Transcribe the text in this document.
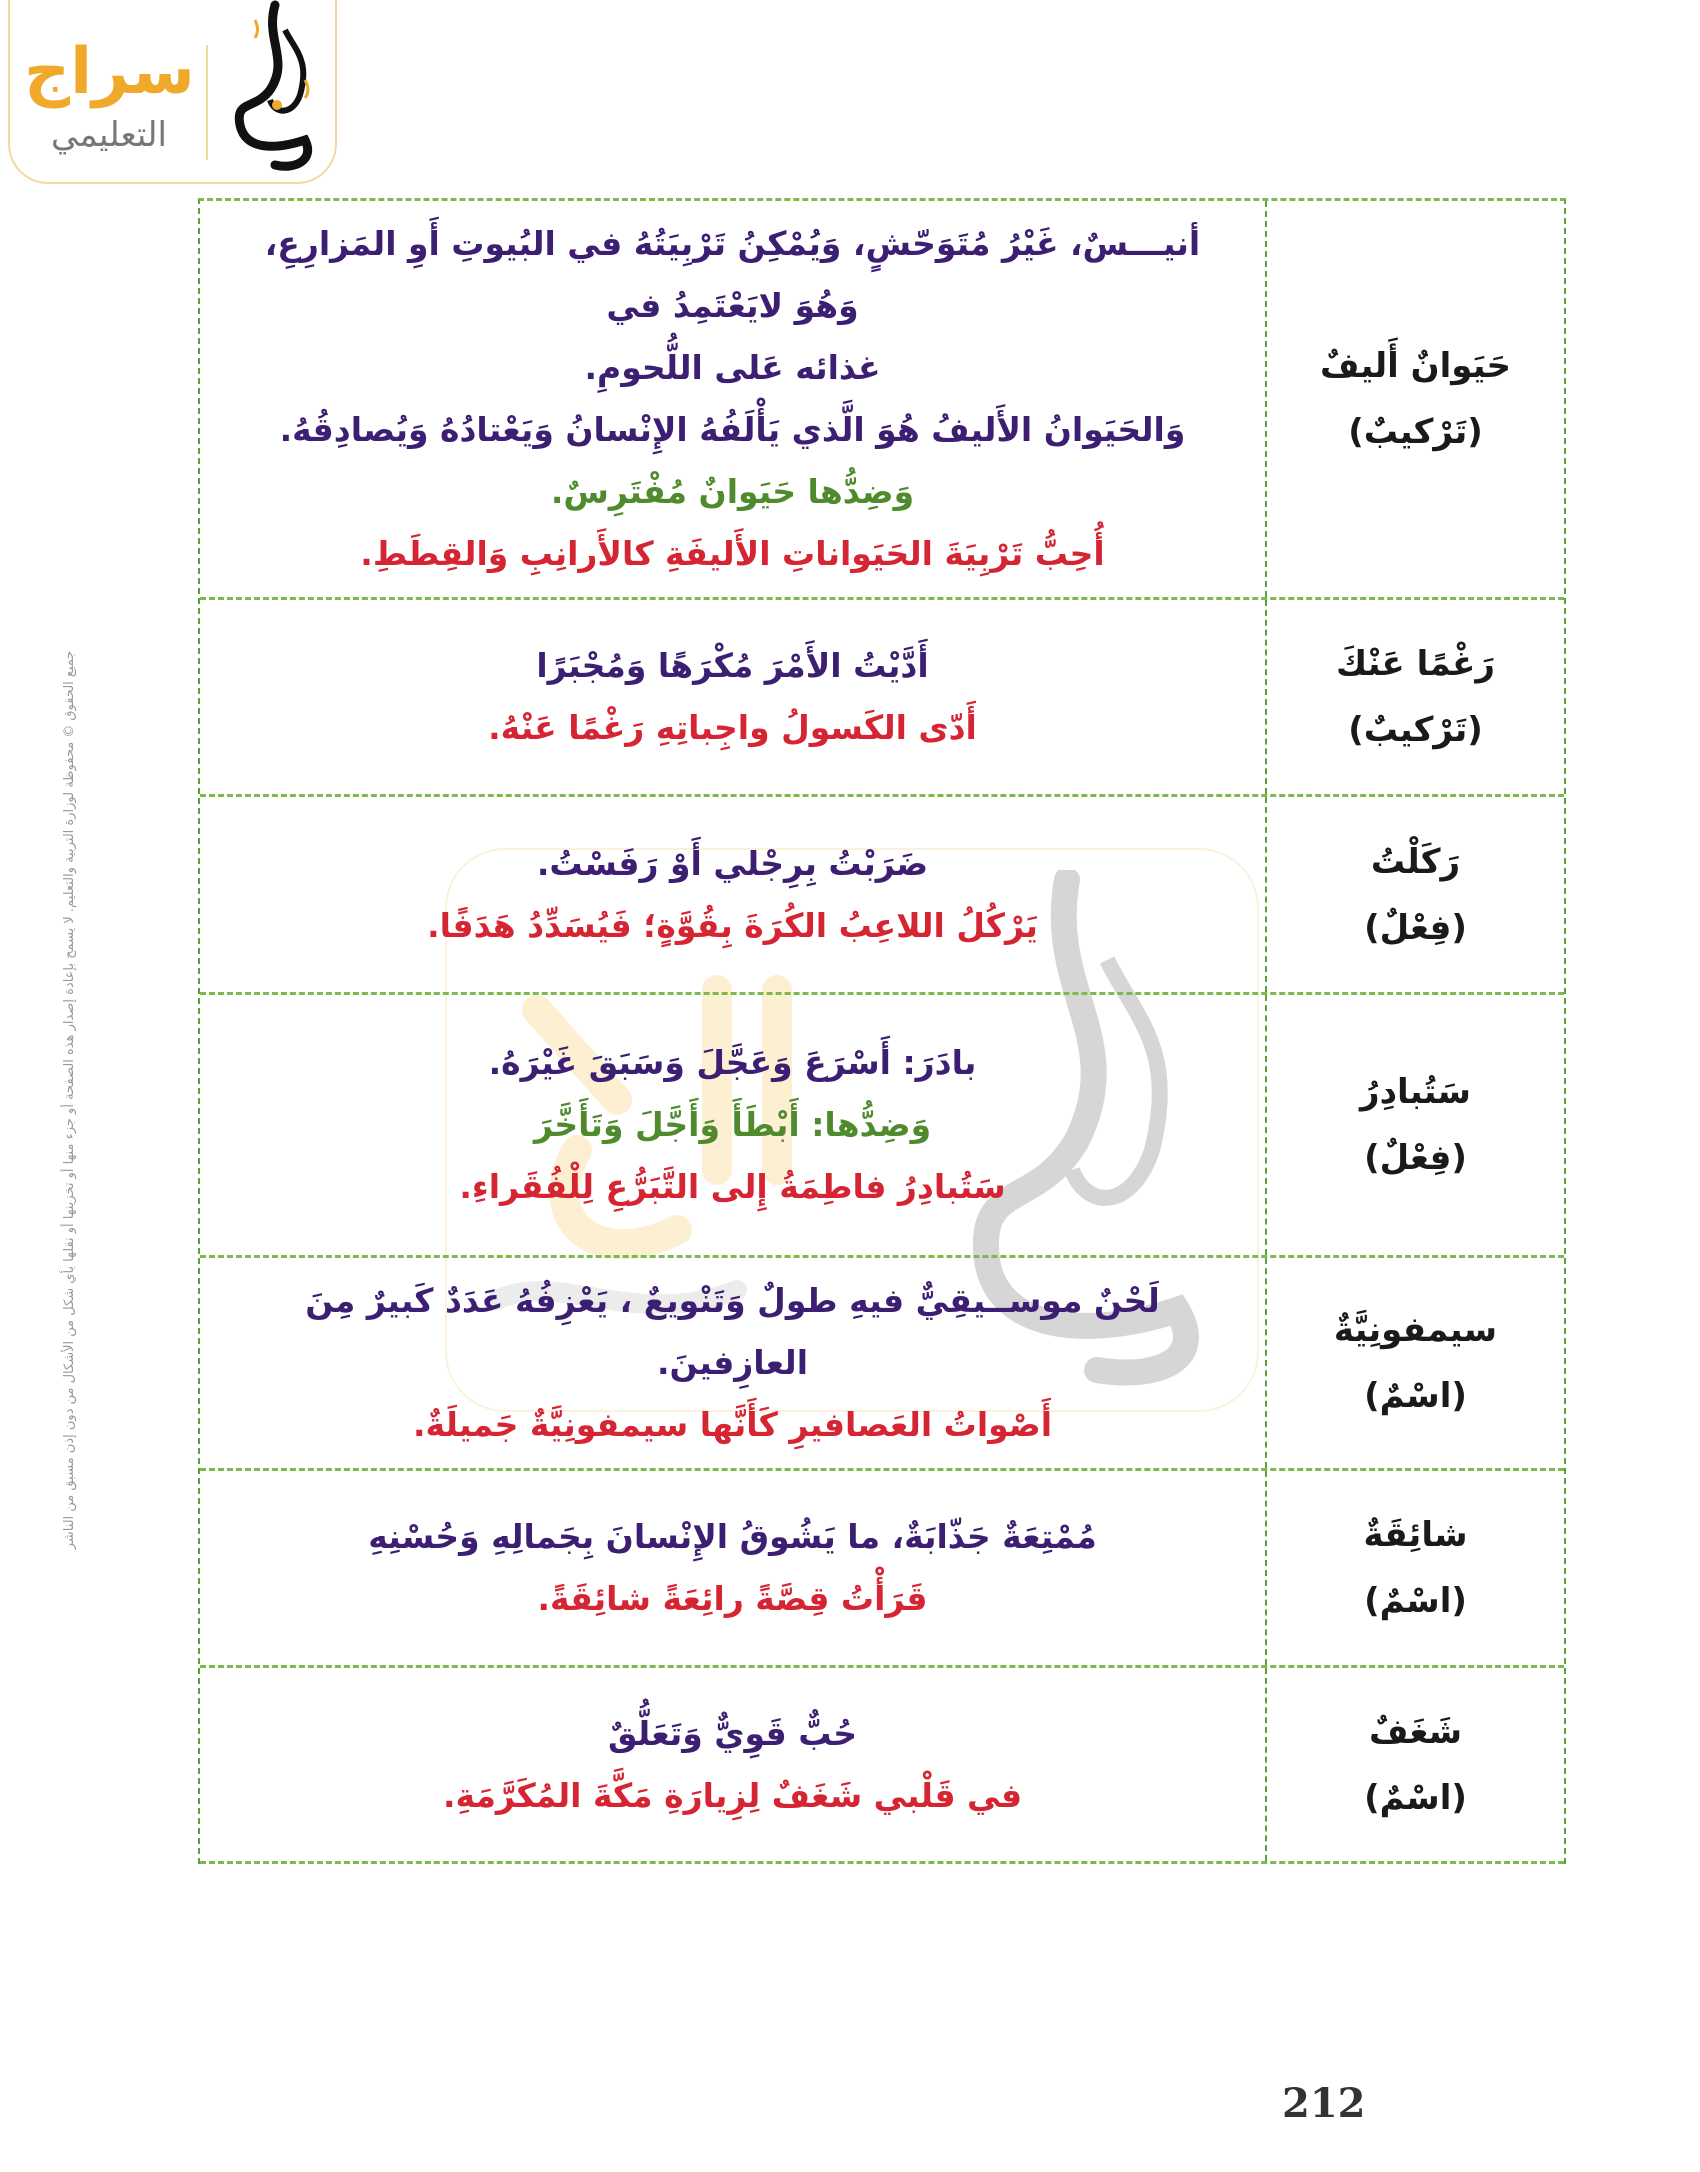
سراج
التعليمي
جميع الحقوق © محفوظة لوزارة التربية والتعليم. لا يسمح بإعادة إصدار هذه الصفحة أو جزء منها أو تخزينها أو نقلها بأي شكل من الأشكال من دون إذن مسبق من الناشر
حَيَوانٌ أَليفٌ
(تَرْكيبٌ)
أنيـــسٌ، غَيْرُ مُتَوَحّشٍ، وَيُمْكِنُ تَرْبِيَتُهُ في البُيوتِ أَوِ المَزارِعِ، وَهُوَ لايَعْتَمِدُ في
غذائه عَلى اللُّحومِ.
وَالحَيَوانُ الأَليفُ هُوَ الَّذي يَأْلَفُهُ الإِنْسانُ وَيَعْتادُهُ وَيُصادِقُهُ.
وَضِدُّها حَيَوانٌ مُفْتَرِسٌ.
أُحِبُّ تَرْبِيَةَ الحَيَواناتِ الأَليفَةِ كالأَرانِبِ وَالقِطَطِ.
رَغْمًا عَنْكَ
(تَرْكيبٌ)
أَدَّيْتُ الأَمْرَ مُكْرَهًا وَمُجْبَرًا
أَدّى الكَسولُ واجِباتِهِ رَغْمًا عَنْهُ.
رَكَلْتُ
(فِعْلٌ)
ضَرَبْتُ بِرِجْلي أَوْ رَفَسْتُ.
يَرْكُلُ اللاعِبُ الكُرَةَ بِقُوَّةٍ؛ فَيُسَدِّدُ هَدَفًا.
سَتُبادِرُ
(فِعْلٌ)
بادَرَ: أَسْرَعَ وَعَجَّلَ وَسَبَقَ غَيْرَهُ.
وَضِدُّها: أَبْطَأَ وَأَجَّلَ وَتَأَخَّرَ
سَتُبادِرُ فاطِمَةُ إِلى التَّبَرُّعِ لِلْفُقَراءِ.
سيمفونِيَّةٌ
(اسْمٌ)
لَحْنٌ موســيقِيٌّ فيهِ طولٌ وَتَنْويعٌ ، يَعْزِفُهُ عَدَدٌ كَبيرٌ مِنَ العازِفينَ.
أَصْواتُ العَصافيرِ كَأَنَّها سيمفونِيَّةٌ جَميلَةٌ.
شائِقَةٌ
(اسْمٌ)
مُمْتِعَةٌ جَذّابَةٌ، ما يَشُوقُ الإِنْسانَ بِجَمالِهِ وَحُسْنِهِ
قَرَأْتُ قِصَّةً رائِعَةً شائِقَةً.
شَغَفٌ
(اسْمٌ)
حُبٌّ قَوِيٌّ وَتَعَلُّقٌ
في قَلْبي شَغَفٌ لِزِيارَةِ مَكَّةَ المُكَرَّمَةِ.
212
